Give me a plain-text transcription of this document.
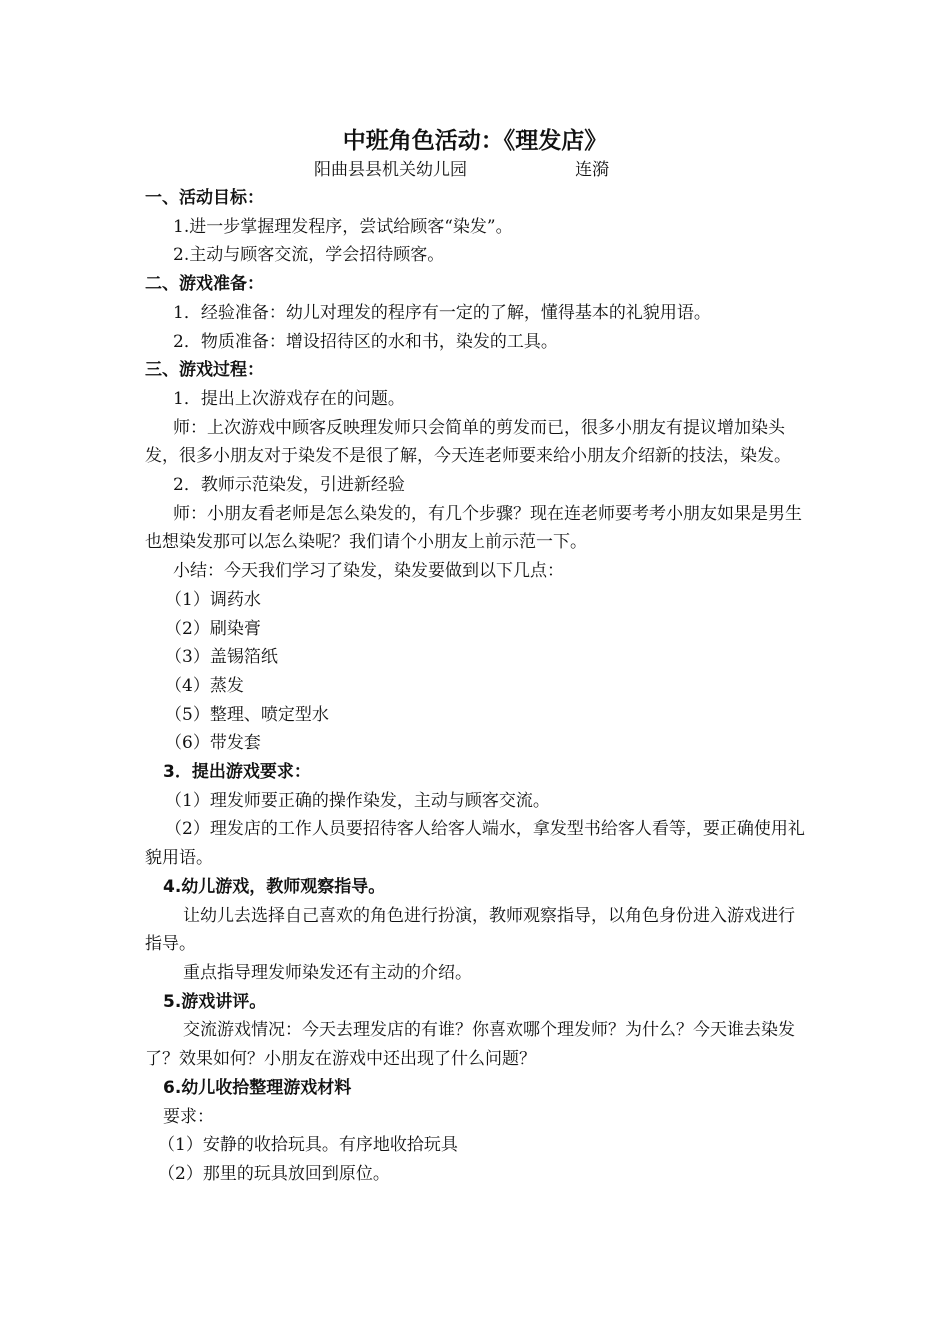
中班角色活动：《理发店》
阳曲县县机关幼儿园                    连漪

一、活动目标：

1.进一步掌握理发程序，尝试给顾客“染发”。

2.主动与顾客交流，学会招待顾客。

二、游戏准备：

1．经验准备：幼儿对理发的程序有一定的了解，懂得基本的礼貌用语。

2．物质准备：增设招待区的水和书，染发的工具。

三、游戏过程：

1．提出上次游戏存在的问题。

师：上次游戏中顾客反映理发师只会简单的剪发而已，很多小朋友有提议增加染头发，很多小朋友对于染发不是很了解，今天连老师要来给小朋友介绍新的技法，染发。

2．教师示范染发，引进新经验

师：小朋友看老师是怎么染发的，有几个步骤？现在连老师要考考小朋友如果是男生也想染发那可以怎么染呢？我们请个小朋友上前示范一下。

小结：今天我们学习了染发，染发要做到以下几点：

（1）调药水

（2）刷染膏

（3）盖锡箔纸

（4）蒸发

（5）整理、喷定型水

（6）带发套

3．提出游戏要求：

（1）理发师要正确的操作染发，主动与顾客交流。

（2）理发店的工作人员要招待客人给客人端水，拿发型书给客人看等，要正确使用礼貌用语。

4.幼儿游戏，教师观察指导。

让幼儿去选择自己喜欢的角色进行扮演，教师观察指导，以角色身份进入游戏进行指导。

重点指导理发师染发还有主动的介绍。

5.游戏讲评。

交流游戏情况：今天去理发店的有谁？你喜欢哪个理发师？为什么？今天谁去染发了？效果如何？小朋友在游戏中还出现了什么问题？

6.幼儿收拾整理游戏材料

要求：

（1）安静的收拾玩具。有序地收拾玩具

（2）那里的玩具放回到原位。
